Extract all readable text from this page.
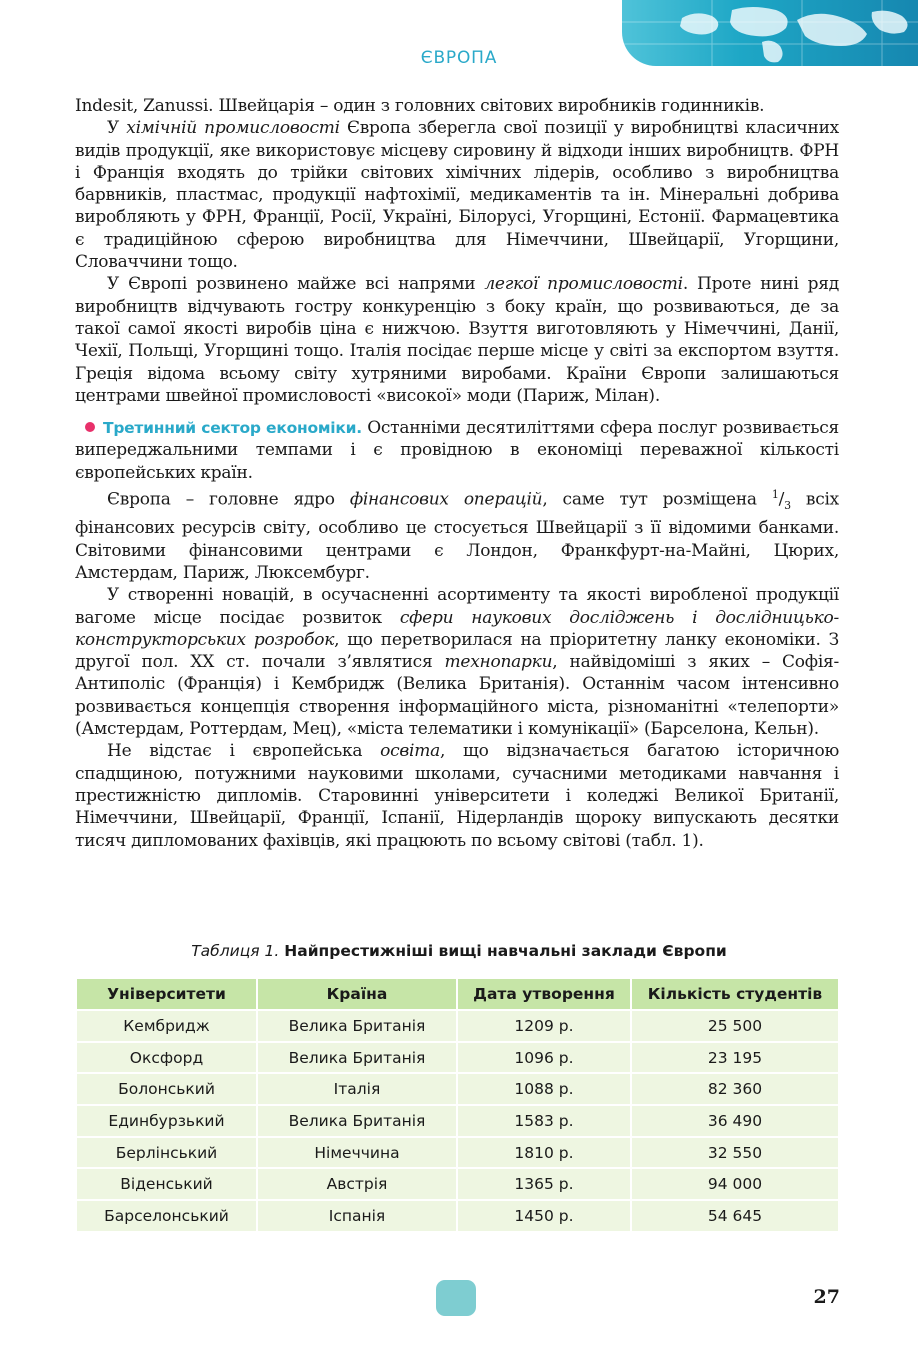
ЄВРОПА

Indesit, Zanussi. Швейцарія – один з головних світових виробників годинників.

У хімічній промисловості Європа зберегла свої позиції у виробництві класичних видів продукції, яке використовує місцеву сировину й відходи інших виробництв. ФРН і Франція входять до трійки світових хімічних лідерів, особливо з виробництва барвників, пластмас, продукції нафтохімії, медикаментів та ін. Мінеральні добрива виробляють у ФРН, Франції, Росії, Україні, Білорусі, Угорщині, Естонії. Фармацевтика є традиційною сферою виробництва для Німеччини, Швейцарії, Угорщини, Словаччини тощо.

У Європі розвинено майже всі напрями легкої промисловості. Проте нині ряд виробництв відчувають гостру конкуренцію з боку країн, що розвиваються, де за такої самої якості виробів ціна є нижчою. Взуття виготовляють у Німеччині, Данії, Чехії, Польщі, Угорщині тощо. Італія посідає перше місце у світі за експортом взуття. Греція відома всьому світу хутряними виробами. Країни Європи залишаються центрами швейної промисловості «високої» моди (Париж, Мілан).

Третинний сектор економіки. Останніми десятиліттями сфера послуг розвивається випереджальними темпами і є провідною в економіці переважної кількості європейських країн.

Європа – головне ядро фінансових операцій, саме тут розміщена $^1/_3$ всіх фінансових ресурсів світу, особливо це стосується Швейцарії з її відомими банками. Світовими фінансовими центрами є Лондон, Франкфурт-на-Майні, Цюрих, Амстердам, Париж, Люксембург.

У створенні новацій, в осучасненні асортименту та якості виробленої продукції вагоме місце посідає розвиток сфери наукових досліджень і дослідницько-конструкторських розробок, що перетворилася на пріоритетну ланку економіки. З другої пол. XX ст. почали з’являтися технопарки, найвідоміші з яких – Софія-Антиполіс (Франція) і Кембридж (Велика Британія). Останнім часом інтенсивно розвивається концепція створення інформаційного міста, різноманітні «телепорти» (Амстердам, Роттердам, Мец), «міста телематики і комунікації» (Барселона, Кельн).

Не відстає і європейська освіта, що відзначається багатою історичною спадщиною, потужними науковими школами, сучасними методиками навчання і престижністю дипломів. Старовинні університети і коледжі Великої Британії, Німеччини, Швейцарії, Франції, Іспанії, Нідерландів щороку випускають десятки тисяч дипломованих фахівців, які працюють по всьому світові (табл. 1).

Таблиця 1. Найпрестижніші вищі навчальні заклади Європи
Університети	Країна	Дата утворення	Кількість студентів
Кембридж	Велика Британія	1209 р.	25 500
Оксфорд	Велика Британія	1096 р.	23 195
Болонський	Італія	1088 р.	82 360
Единбурзький	Велика Британія	1583 р.	36 490
Берлінський	Німеччина	1810 р.	32 550
Віденський	Австрія	1365 р.	94 000
Барселонський	Іспанія	1450 р.	54 645
27
